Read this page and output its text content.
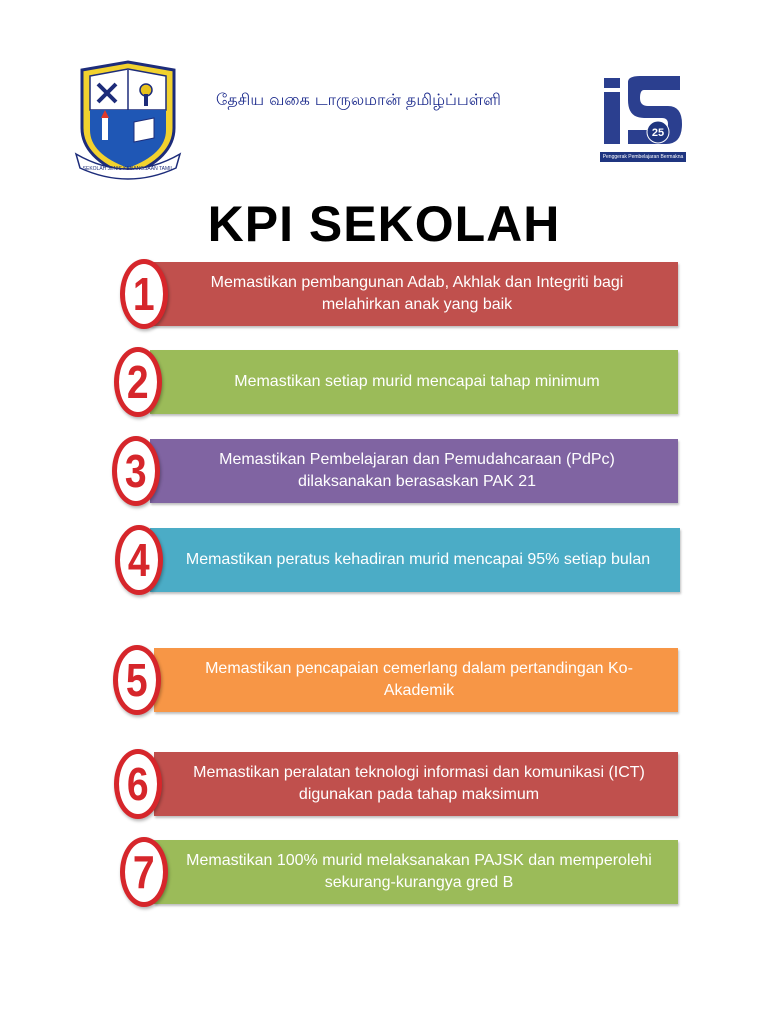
SEKOLAH JENIS KEBANGSAAN TAMIL
தேசிய வகை டாருலமான் தமிழ்ப்பள்ளி
25
Penggerak Pembelajaran Bermakna
KPI SEKOLAH
Memastikan pembangunan Adab, Akhlak dan Integriti bagi melahirkan anak yang baik
1
Memastikan setiap murid mencapai tahap minimum
2
Memastikan Pembelajaran dan Pemudahcaraan (PdPc) dilaksanakan berasaskan PAK 21
3
Memastikan peratus kehadiran murid mencapai 95% setiap bulan
4
Memastikan pencapaian cemerlang dalam pertandingan Ko-Akademik
5
Memastikan peralatan teknologi informasi dan komunikasi (ICT) digunakan pada tahap maksimum
6
Memastikan 100% murid melaksanakan PAJSK dan memperolehi sekurang-kurangya gred B
7
